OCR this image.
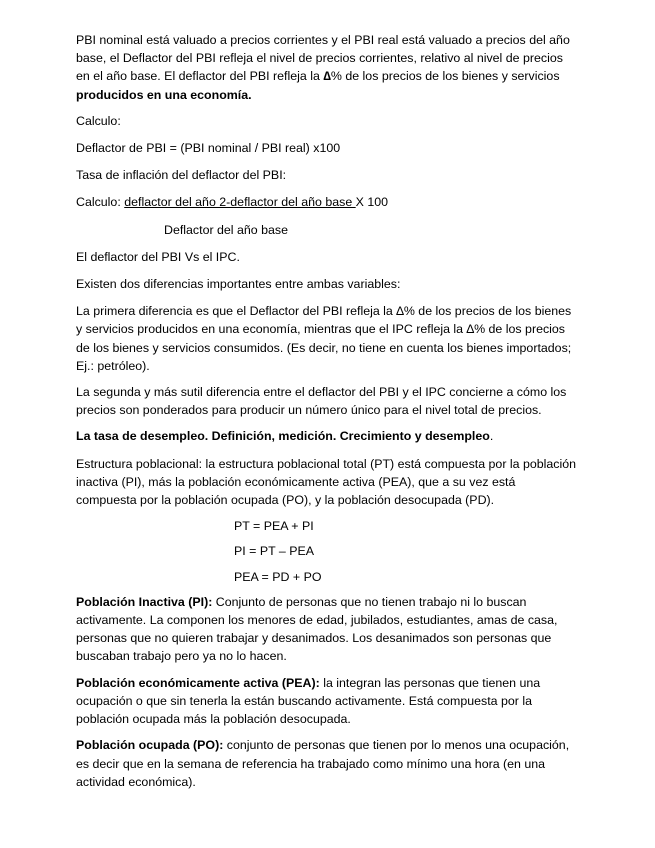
PBI nominal está valuado a precios corrientes y el PBI real está valuado a precios del año base, el Deflactor del PBI refleja el nivel de precios corrientes, relativo al nivel de precios en el año base. El deflactor del PBI refleja la ∆% de los precios de los bienes y servicios producidos en una economía.

Calculo:

Deflactor de PBI = (PBI nominal / PBI real) x100

Tasa de inflación del deflactor del PBI:

Calculo: deflactor del año 2-deflactor del año base X 100

Deflactor del año base

El deflactor del PBI Vs el IPC.

Existen dos diferencias importantes entre ambas variables:

La primera diferencia es que el Deflactor del PBI refleja la ∆% de los precios de los bienes y servicios producidos en una economía, mientras que el IPC refleja la ∆% de los precios de los bienes y servicios consumidos. (Es decir, no tiene en cuenta los bienes importados; Ej.: petróleo).

La segunda y más sutil diferencia entre el deflactor del PBI y el IPC concierne a cómo los precios son ponderados para producir un número único para el nivel total de precios.

La tasa de desempleo. Definición, medición. Crecimiento y desempleo.

Estructura poblacional: la estructura poblacional total (PT) está compuesta por la población inactiva (PI), más la población económicamente activa (PEA), que a su vez está compuesta por la población ocupada (PO), y la población desocupada (PD).

PT = PEA + PI

PI = PT – PEA

PEA = PD + PO

Población Inactiva (PI): Conjunto de personas que no tienen trabajo ni lo buscan activamente. La componen los menores de edad, jubilados, estudiantes, amas de casa, personas que no quieren trabajar y desanimados. Los desanimados son personas que buscaban trabajo pero ya no lo hacen.

Población económicamente activa (PEA): la integran las personas que tienen una ocupación o que sin tenerla la están buscando activamente. Está compuesta por la población ocupada más la población desocupada.

Población ocupada (PO): conjunto de personas que tienen por lo menos una ocupación, es decir que en la semana de referencia ha trabajado como mínimo una hora (en una actividad económica).
